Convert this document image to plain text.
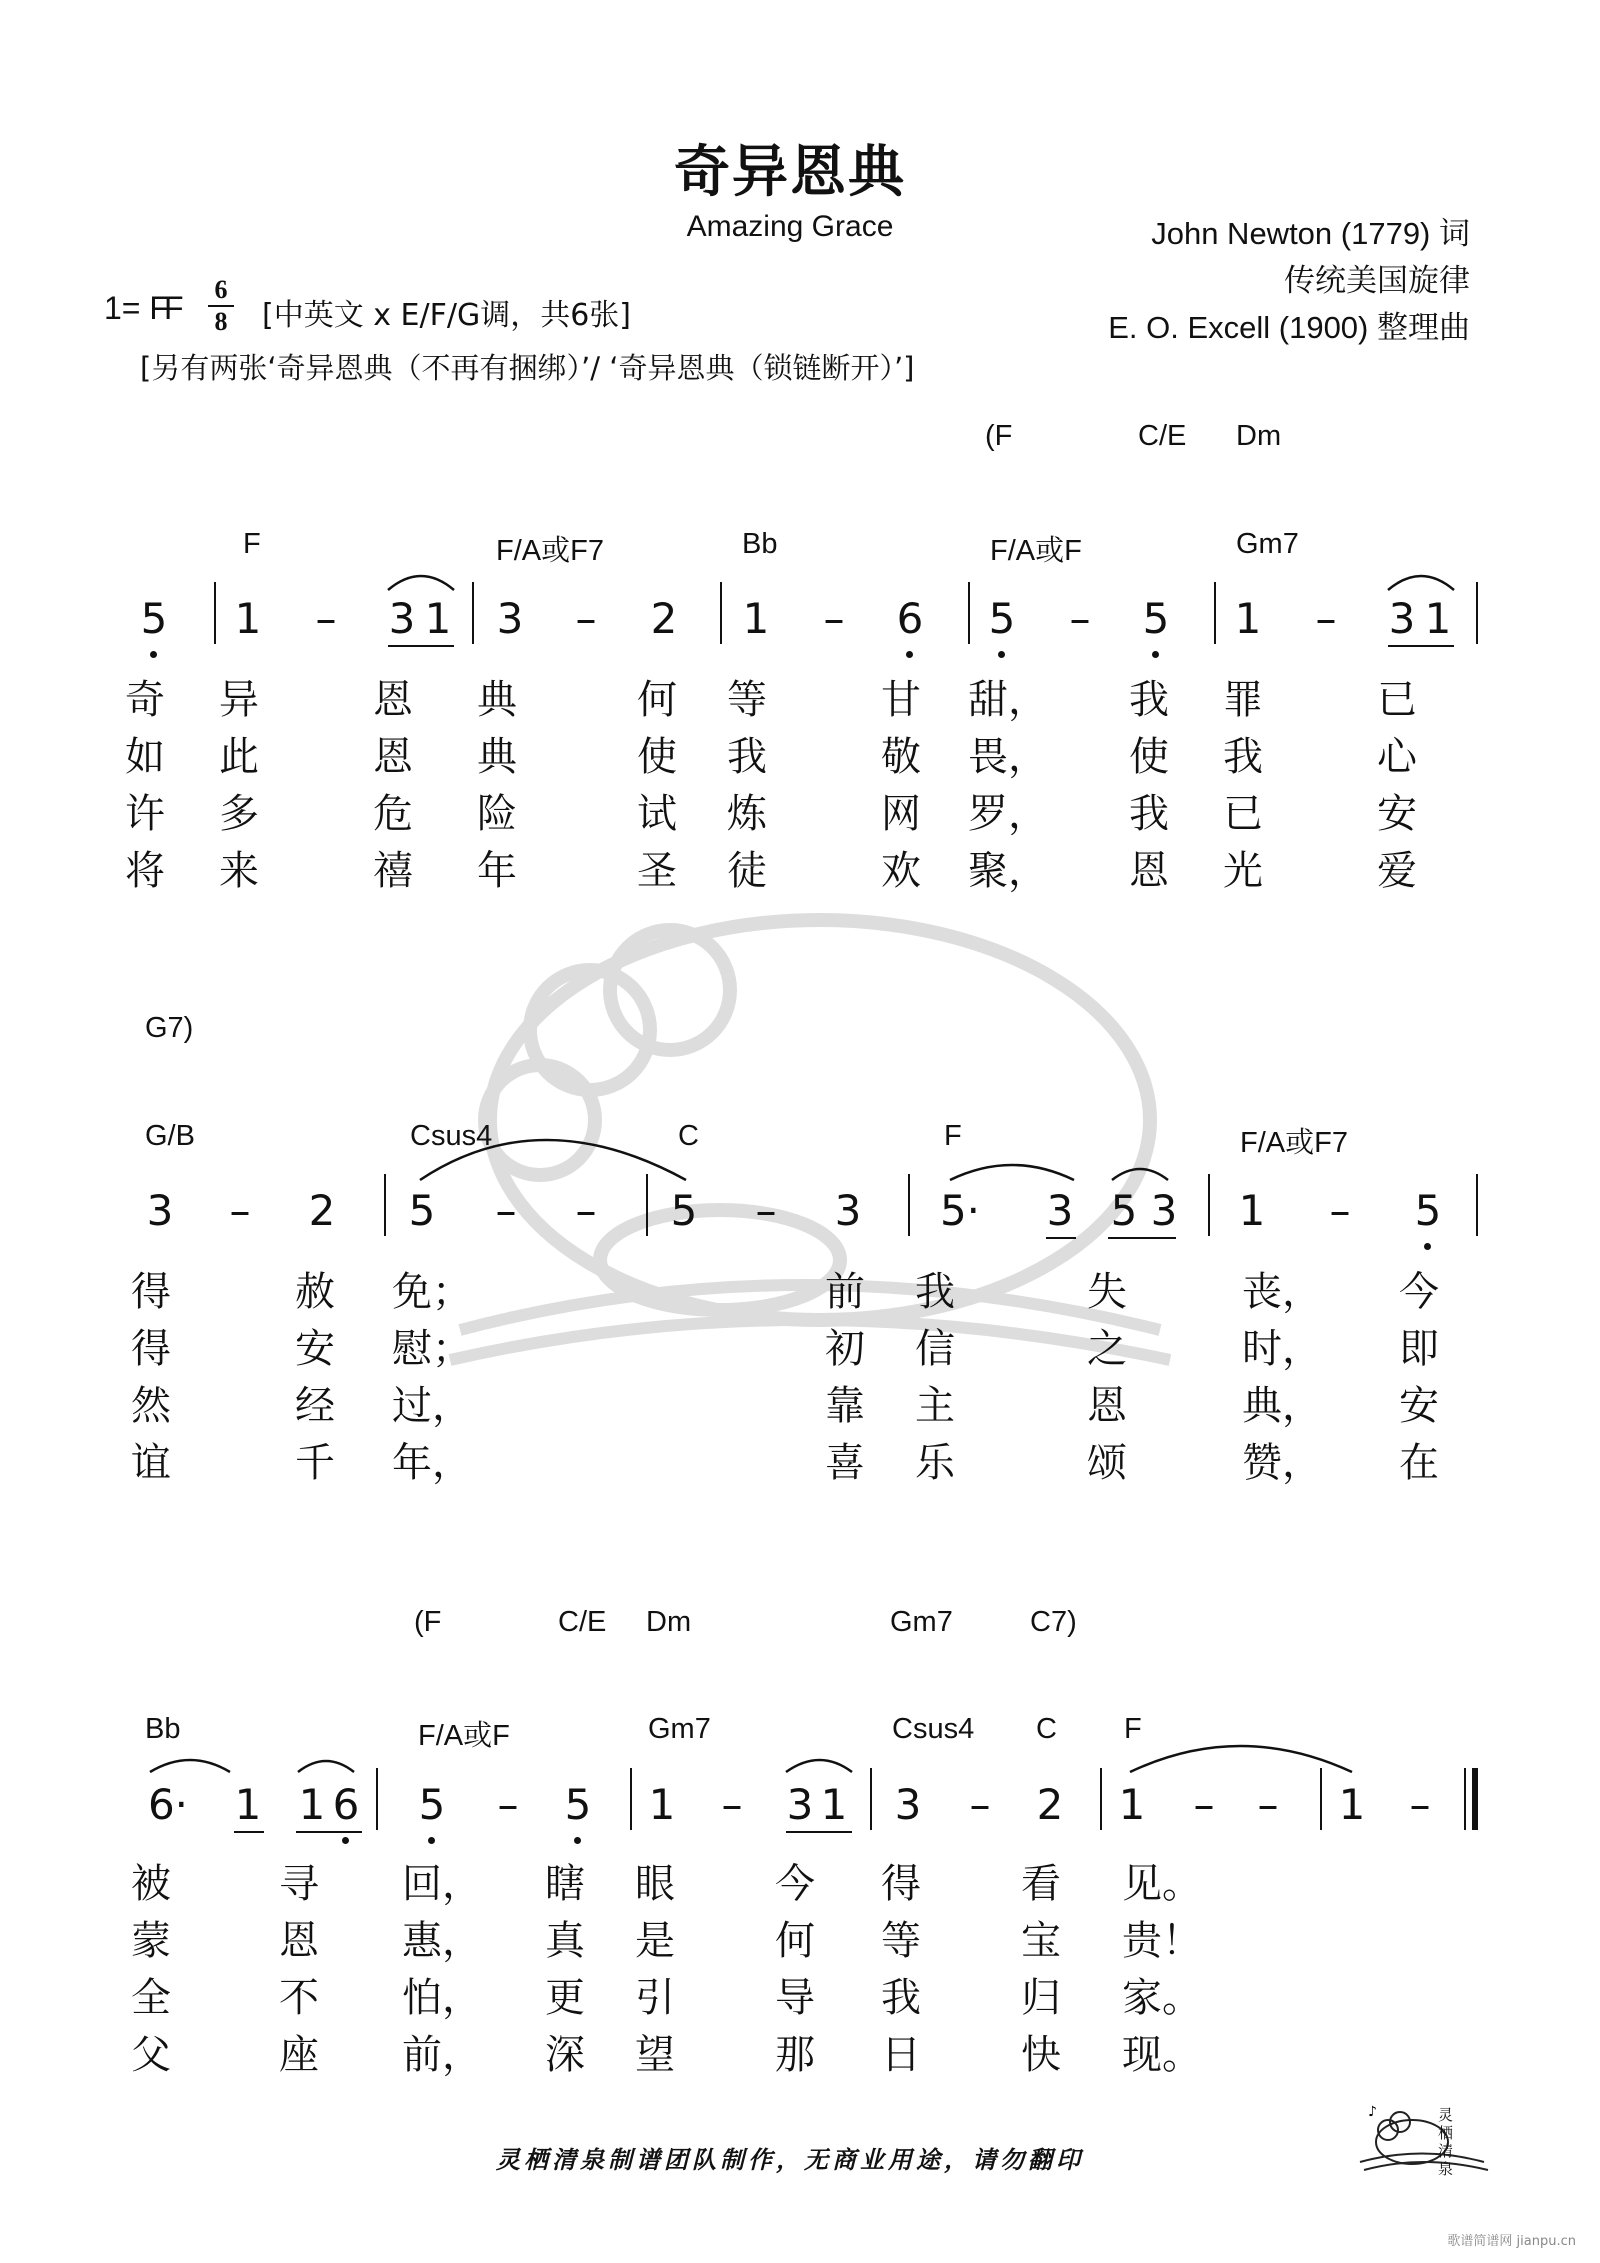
奇异恩典
Amazing Grace	John Newton (1779) 词
传统美国旋律
E. O. Excell (1900) 整理曲
1= F
F
6
8 [中英文 x E/F/G调，共6张]
[另有两张‘奇异恩典（不再有捆绑）’/ ‘奇异恩典（锁链断开）’]
(F	C/E Dm
F	F/A或F7	Bb	F/A或F	Gm7
5 1 – 3 1 3 – 2 1 – 6 5 – 5 1 – 3 1
奇 异	恩 典	何 等	甘 甜， 我 罪	已
如 此	恩 典	使 我	敬 畏， 使 我	心
许 多	危 险	试 炼	网 罗， 我 已	安
将 来	禧 年	圣 徒	欢 聚， 恩 光	爱
G7)
G/B	Csus4	C	F	F/A或F7
3 – 2 5 – – 5 – 3 5· 3 5 3 1 – 5
得	赦 免；	前 我	失	丧， 今
得	安 慰；	初 信	之	时， 即
然	经 过，	靠 主	恩	典， 安
谊	千 年，	喜 乐	颂	赞， 在
(F	C/E Dm	Gm7	C7)
Bb	F/A或F	Gm7	Csus4 C F
6· 1 1 6 5 – 5 1 – 3 1 3 – 2 1 – – 1 –
被	寻 回， 瞎 眼	今 得	看 见。
蒙	恩 惠， 真 是	何 等	宝 贵！
全	不 怕， 更 引	导 我	归 家。
父	座 前， 深 望	那 日	快 现。
灵栖清泉制谱团队制作，无商业用途，请勿翻印
♪	灵栖清泉
歌谱简谱网 jianpu.cn
